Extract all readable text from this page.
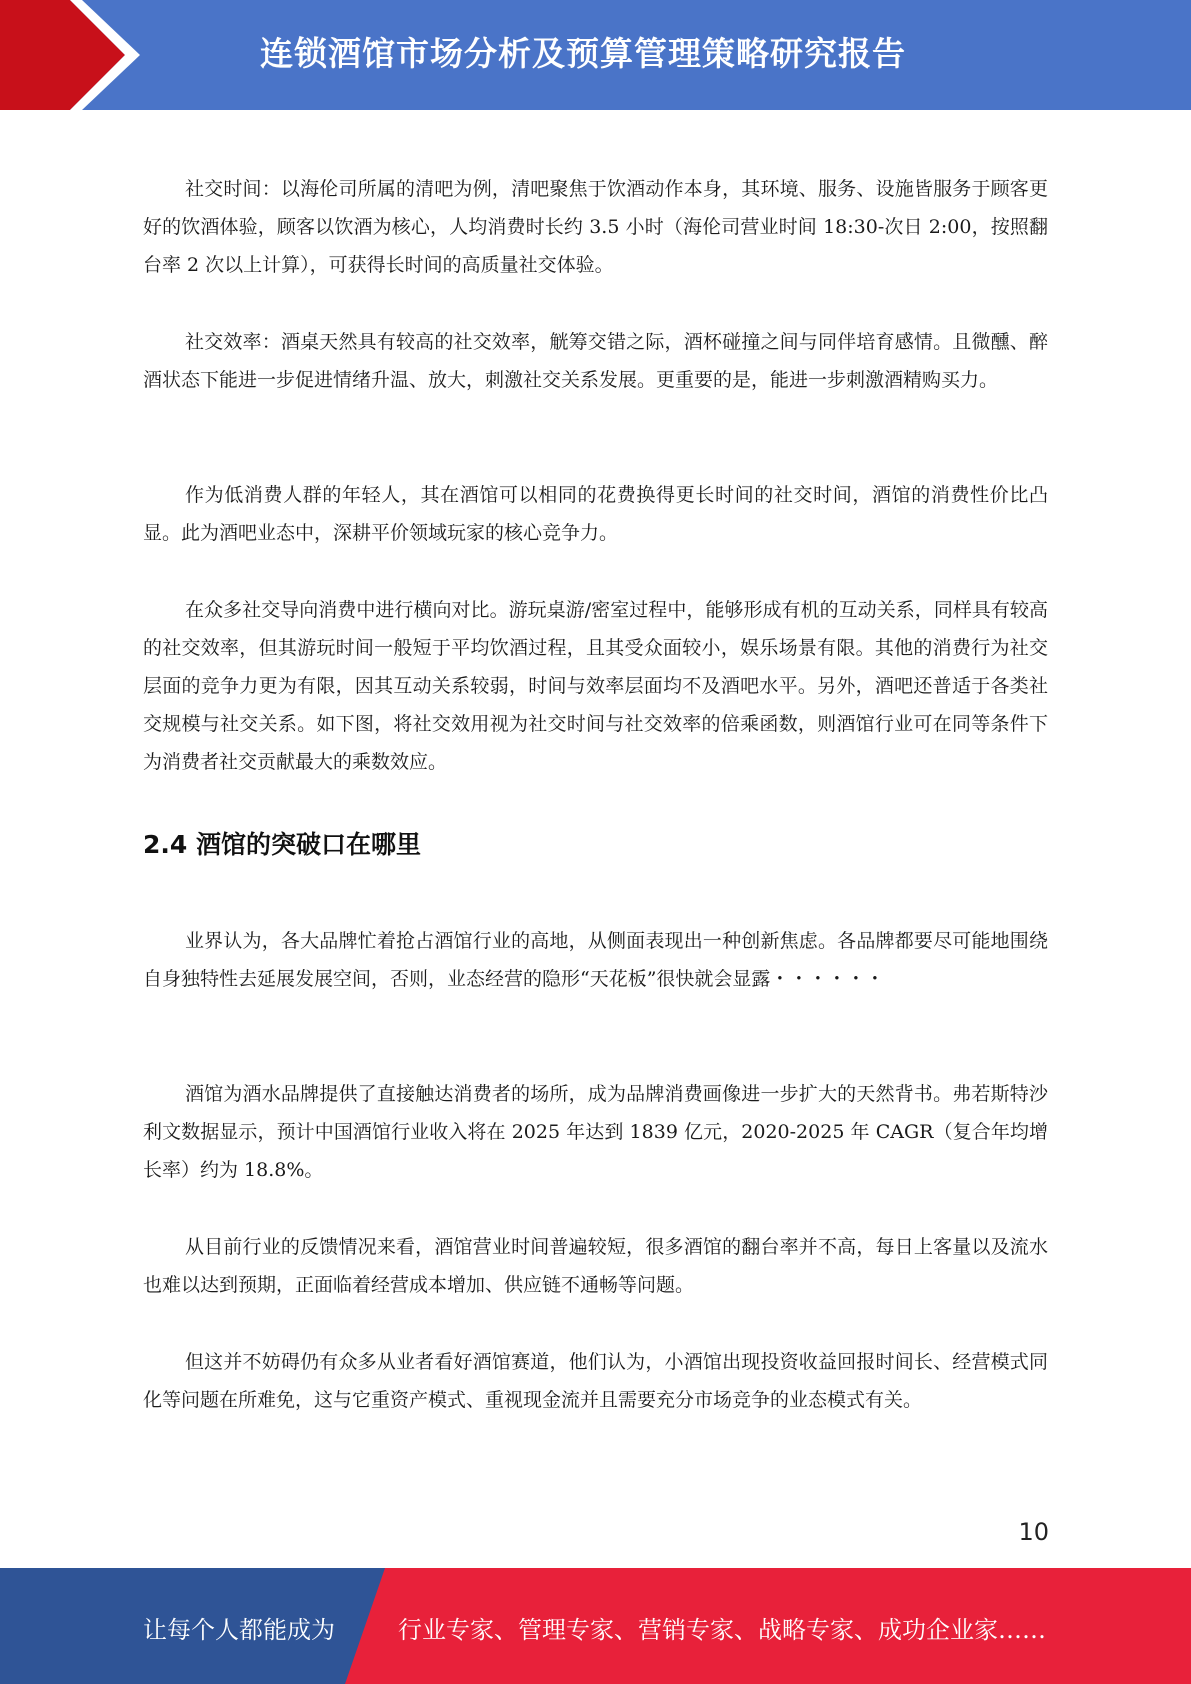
连锁酒馆市场分析及预算管理策略研究报告

社交时间：以海伦司所属的清吧为例，清吧聚焦于饮酒动作本身，其环境、服务、设施皆服务于顾客更好的饮酒体验，顾客以饮酒为核心，人均消费时长约 3.5 小时（海伦司营业时间 18:30-次日 2:00，按照翻台率 2 次以上计算），可获得长时间的高质量社交体验。

社交效率：酒桌天然具有较高的社交效率，觥筹交错之际，酒杯碰撞之间与同伴培育感情。且微醺、醉酒状态下能进一步促进情绪升温、放大，刺激社交关系发展。更重要的是，能进一步刺激酒精购买力。

作为低消费人群的年轻人，其在酒馆可以相同的花费换得更长时间的社交时间，酒馆的消费性价比凸显。此为酒吧业态中，深耕平价领域玩家的核心竞争力。

在众多社交导向消费中进行横向对比。游玩桌游/密室过程中，能够形成有机的互动关系，同样具有较高的社交效率，但其游玩时间一般短于平均饮酒过程，且其受众面较小，娱乐场景有限。其他的消费行为社交层面的竞争力更为有限，因其互动关系较弱，时间与效率层面均不及酒吧水平。另外，酒吧还普适于各类社交规模与社交关系。如下图，将社交效用视为社交时间与社交效率的倍乘函数，则酒馆行业可在同等条件下为消费者社交贡献最大的乘数效应。

2.4 酒馆的突破口在哪里

业界认为，各大品牌忙着抢占酒馆行业的高地，从侧面表现出一种创新焦虑。各品牌都要尽可能地围绕自身独特性去延展发展空间，否则，业态经营的隐形“天花板”很快就会显露・・・・・・

酒馆为酒水品牌提供了直接触达消费者的场所，成为品牌消费画像进一步扩大的天然背书。弗若斯特沙利文数据显示，预计中国酒馆行业收入将在 2025 年达到 1839 亿元，2020-2025 年 CAGR（复合年均增长率）约为 18.8%。

从目前行业的反馈情况来看，酒馆营业时间普遍较短，很多酒馆的翻台率并不高，每日上客量以及流水也难以达到预期，正面临着经营成本增加、供应链不通畅等问题。

但这并不妨碍仍有众多从业者看好酒馆赛道，他们认为，小酒馆出现投资收益回报时间长、经营模式同化等问题在所难免，这与它重资产模式、重视现金流并且需要充分市场竞争的业态模式有关。

10
让每个人都能成为	行业专家、管理专家、营销专家、战略专家、成功企业家……
